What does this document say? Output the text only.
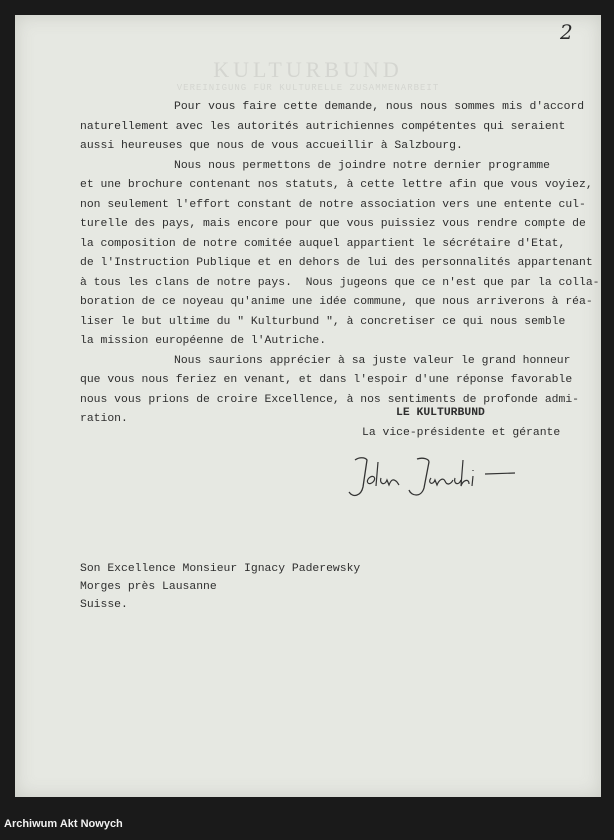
KULTURBUND
VEREINIGUNG FÜR KULTURELLE ZUSAMMENARBEIT
2
Pour vous faire cette demande, nous nous sommes mis d'accord
naturellement avec les autorités autrichiennes compétentes qui seraient
aussi heureuses que nous de vous accueillir à Salzbourg.
Nous nous permettons de joindre notre dernier programme
et une brochure contenant nos statuts, à cette lettre afin que vous voyiez,
non seulement l'effort constant de notre association vers une entente cul-
turelle des pays, mais encore pour que vous puissiez vous rendre compte de
la composition de notre comitée auquel appartient le sécrétaire d'Etat,
de l'Instruction Publique et en dehors de lui des personnalités appartenant
à tous les clans de notre pays.  Nous jugeons que ce n'est que par la colla-
boration de ce noyeau qu'anime une idée commune, que nous arriverons à réa-
liser le but ultime du " Kulturbund ", à concretiser ce qui nous semble
la mission européenne de l'Autriche.
Nous saurions apprécier à sa juste valeur le grand honneur
que vous nous feriez en venant, et dans l'espoir d'une réponse favorable
nous vous prions de croire Excellence, à nos sentiments de profonde admi-
ration.	LE KULTURBUND
La vice-présidente et gérante
Jolan Jacobi
Son Excellence Monsieur Ignacy Paderewsky
Morges près Lausanne
Suisse.
Archiwum Akt Nowych
